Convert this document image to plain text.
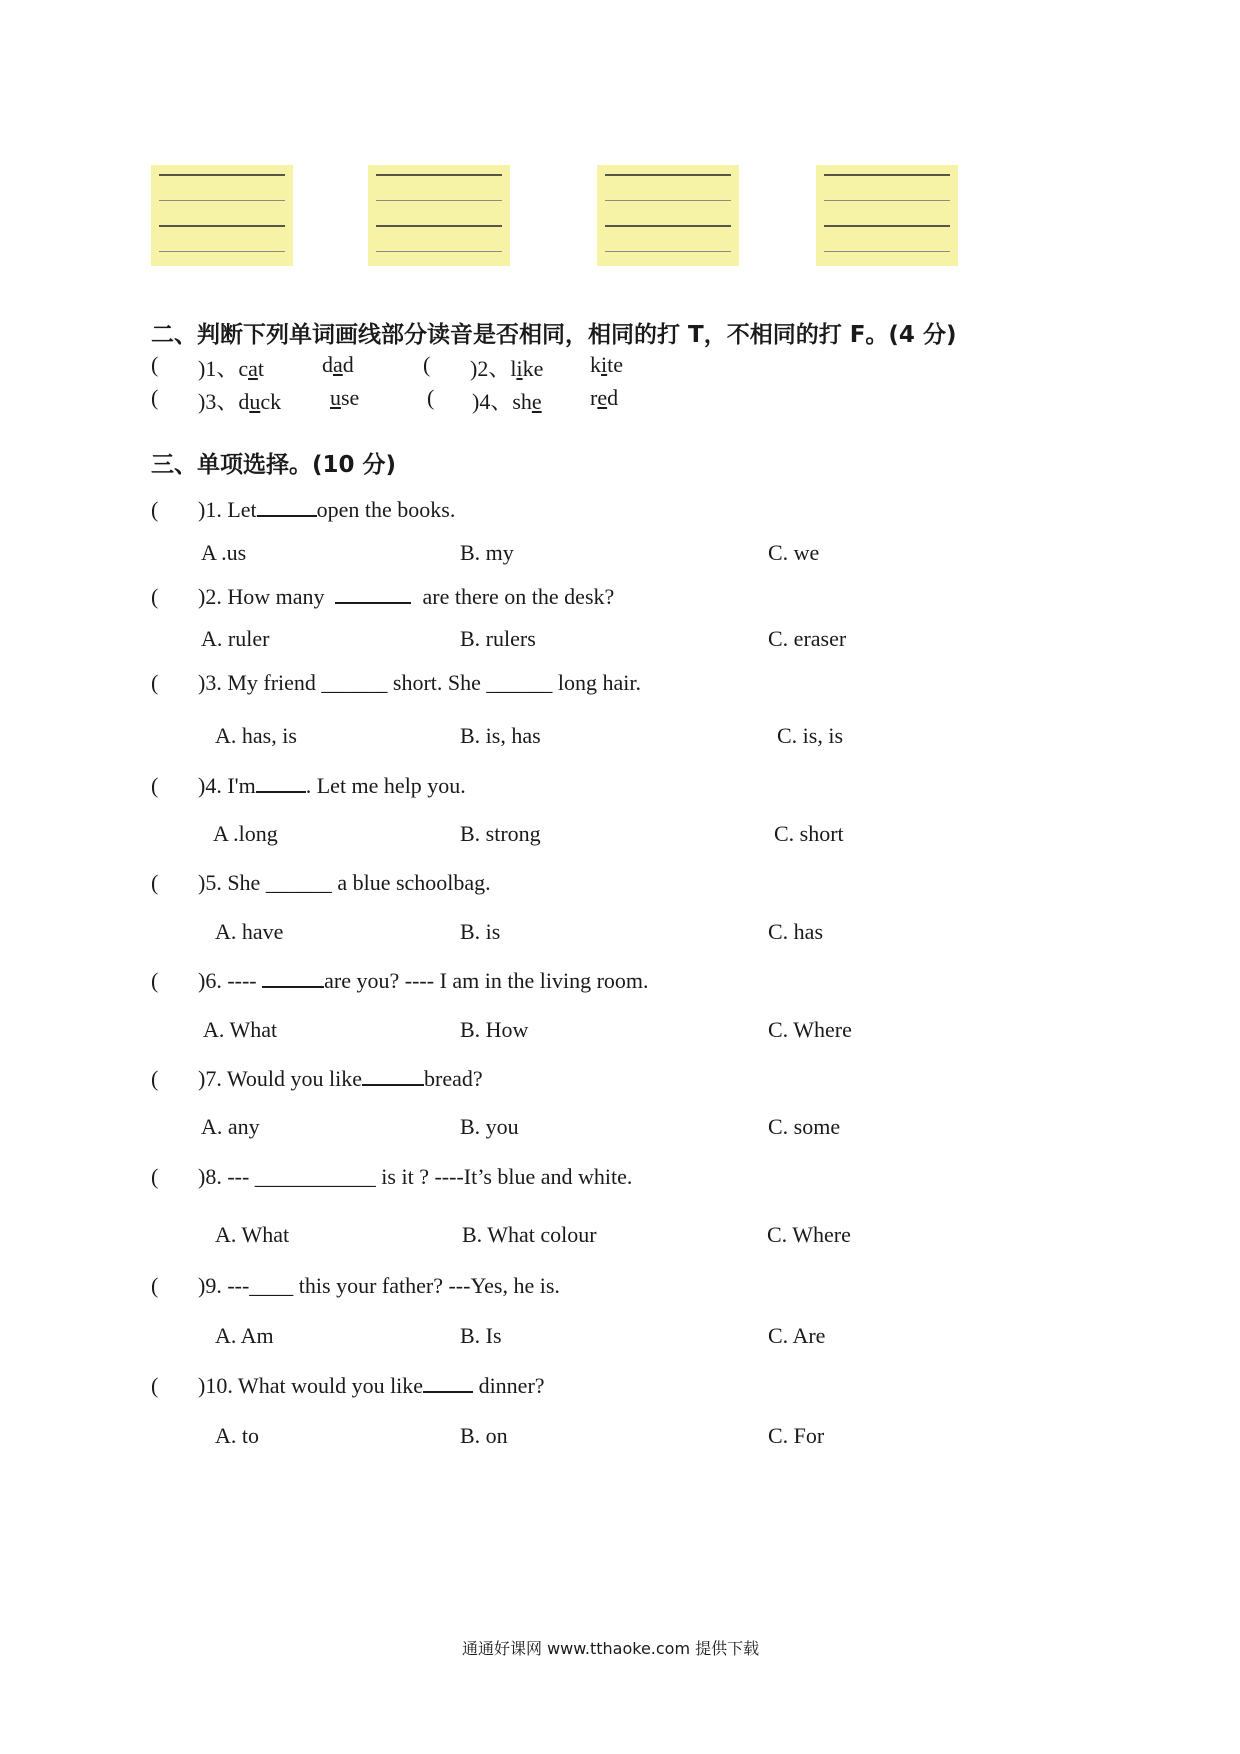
二、判断下列单词画线部分读音是否相同，相同的打 T，不相同的打 F。(4 分)
( )1、cat	dad	( )2、like kite
( )3、duck use	( )4、she red
三、单项选择。(10 分)
( )1. Let	open the books.
A .us	B. my	C. we
( )2. How many	are there on the desk?
A. ruler	B. rulers	C. eraser
( )3. My friend ______ short. She ______ long hair.
A. has, is	B. is, has	C. is, is
( )4. I'm . Let me help you.
A .long	B. strong	C. short
( )5. She ______ a blue schoolbag.
A. have	B. is	C. has
( )6. ----	are you? ---- I am in the living room.
A. What	B. How	C. Where
( )7. Would you like	bread?
A. any	B. you	C. some
( )8. --- ___________ is it ? ----It’s blue and white.
A. What	B. What colour	C. Where
( )9. ---____ this your father? ---Yes, he is.
A. Am	B. Is	C. Are
( )10. What would you like	dinner?
A. to	B. on	C. For
通通好课网 www.tthaoke.com 提供下载
